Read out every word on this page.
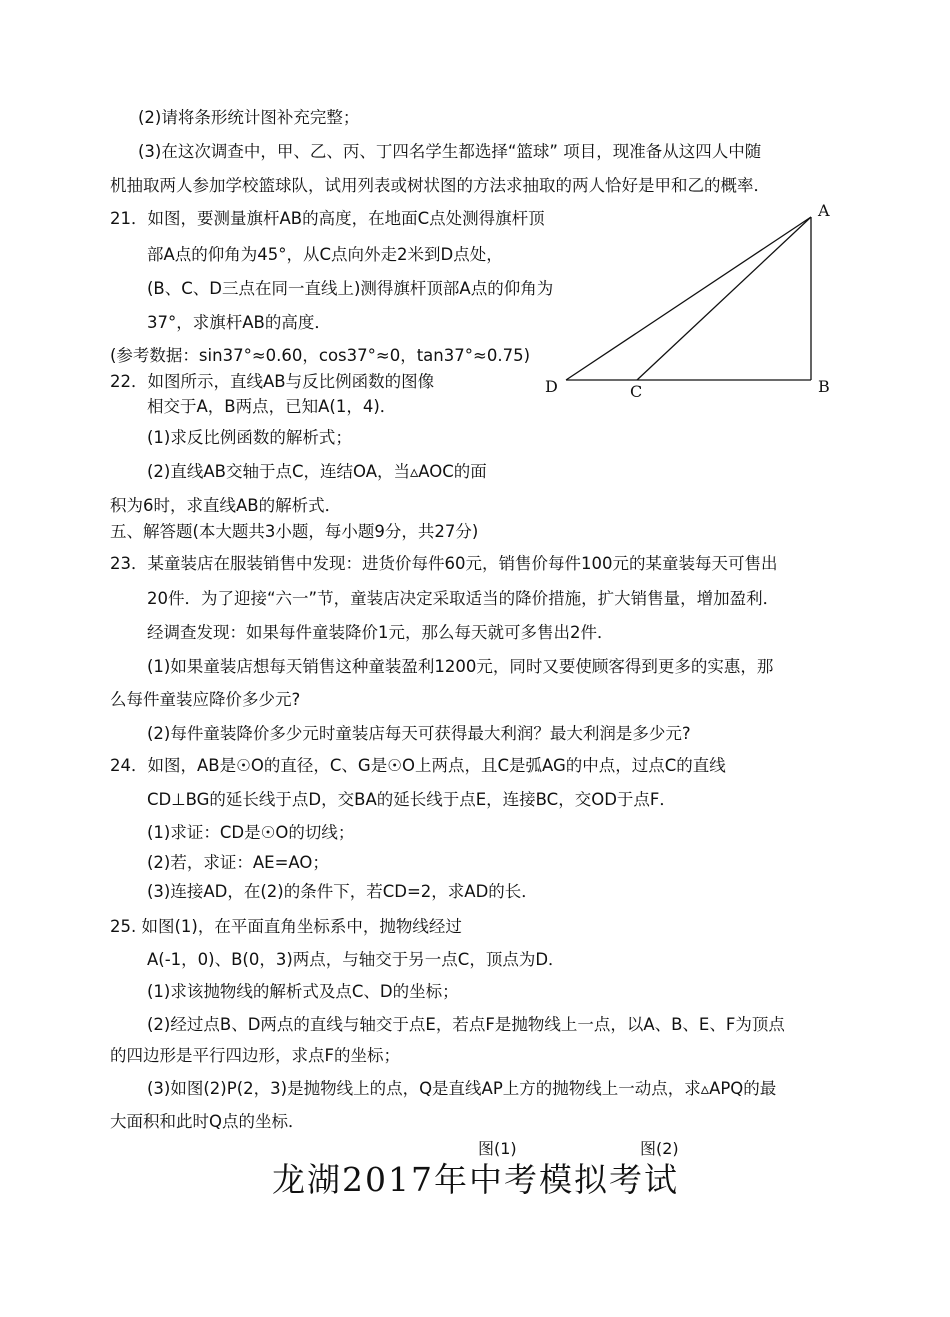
(2)请将条形统计图补充完整；
(3)在这次调查中，甲、乙、丙、丁四名学生都选择“篮球” 项目，现准备从这四人中随
机抽取两人参加学校篮球队，试用列表或树状图的方法求抽取的两人恰好是甲和乙的概率．
21．如图，要测量旗杆AB的高度，在地面C点处测得旗杆顶
部A点的仰角为45°，从C点向外走2米到D点处，
(B、C、D三点在同一直线上)测得旗杆顶部A点的仰角为
37°，求旗杆AB的高度．
(参考数据：sin37°≈0.60，cos37°≈0，tan37°≈0.75)
22．如图所示，直线AB与反比例函数的图像
相交于A，B两点，已知A(1，4)．
(1)求反比例函数的解析式；
(2)直线AB交轴于点C，连结OA，当▵AOC的面
积为6时，求直线AB的解析式．
五、解答题(本大题共3小题，每小题9分，共27分)
23．某童装店在服装销售中发现：进货价每件60元，销售价每件100元的某童装每天可售出
20件．为了迎接“六一”节，童装店决定采取适当的降价措施，扩大销售量，增加盈利．
经调查发现：如果每件童装降价1元，那么每天就可多售出2件．
(1)如果童装店想每天销售这种童装盈利1200元，同时又要使顾客得到更多的实惠，那
么每件童装应降价多少元?
(2)每件童装降价多少元时童装店每天可获得最大利润？最大利润是多少元?
24．如图，AB是☉O的直径，C、G是☉O上两点，且C是弧AG的中点，过点C的直线
CD⊥BG的延长线于点D，交BA的延长线于点E，连接BC，交OD于点F．
(1)求证：CD是☉O的切线；
(2)若，求证：AE=AO；
(3)连接AD，在(2)的条件下，若CD=2，求AD的长．
25. 如图(1)，在平面直角坐标系中，抛物线经过
A(-1，0)、B(0，3)两点，与轴交于另一点C，顶点为D．
(1)求该抛物线的解析式及点C、D的坐标；
(2)经过点B、D两点的直线与轴交于点E，若点F是抛物线上一点，以A、B、E、F为顶点
的四边形是平行四边形，求点F的坐标；
(3)如图(2)P(2，3)是抛物线上的点，Q是直线AP上方的抛物线上一动点，求▵APQ的最
大面积和此时Q点的坐标．
A
B
C
D
图(1)	图(2)
龙湖2017年中考模拟考试
